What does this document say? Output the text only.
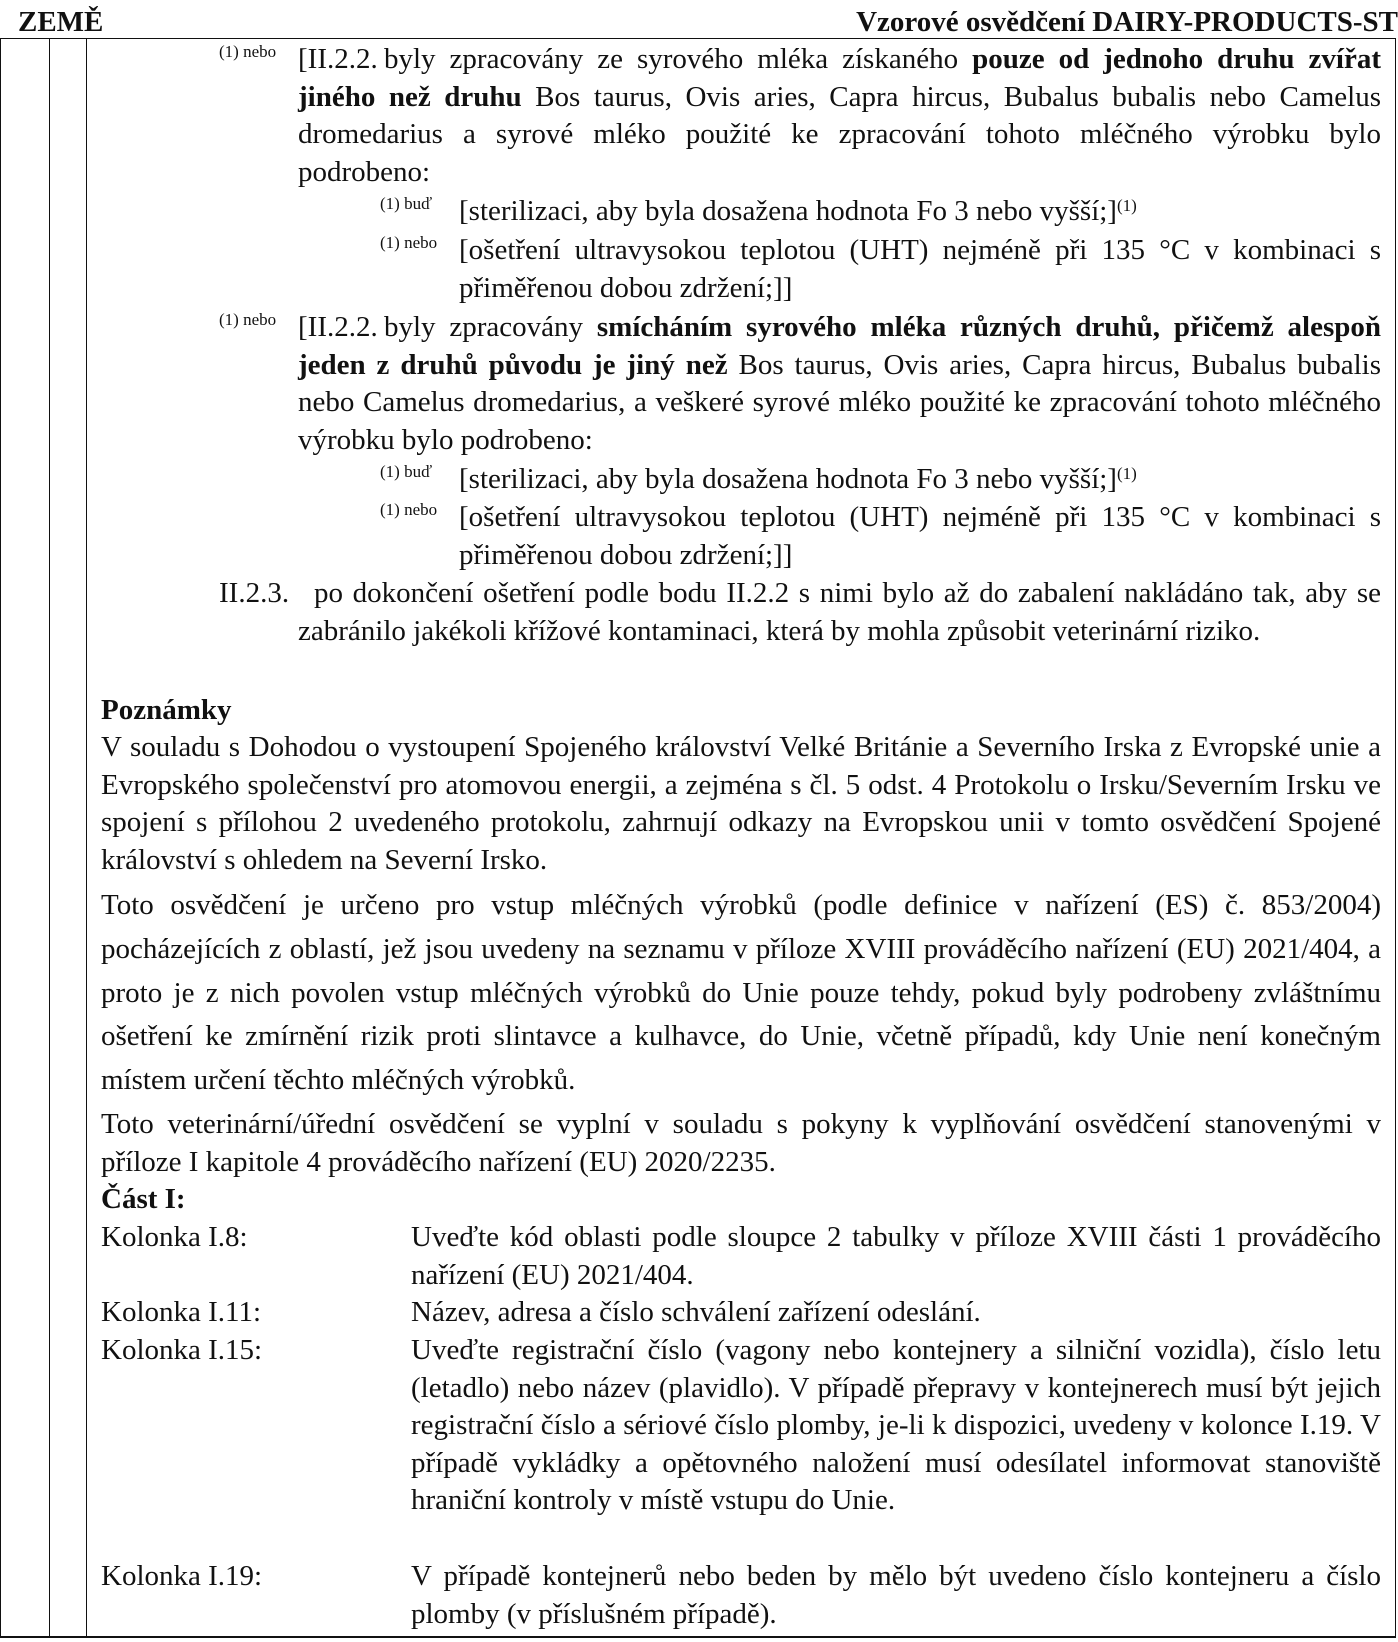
ZEMĚ	Vzorové osvědčení DAIRY-PRODUCTS-ST
(1) nebo [II.2.2. byly zpracovány ze syrového mléka získaného pouze od jednoho druhu zvířat jiného než druhu Bos taurus, Ovis aries, Capra hircus, Bubalus bubalis nebo Camelus dromedarius a syrové mléko použité ke zpracování tohoto mléčného výrobku bylo podrobeno:
(1) buď [sterilizaci, aby byla dosažena hodnota Fo 3 nebo vyšší;]$^{(1)}$
(1) nebo [ošetření ultravysokou teplotou (UHT) nejméně při 135 °C v kombinaci s přiměřenou dobou zdržení;]]
(1) nebo [II.2.2. byly zpracovány smícháním syrového mléka různých druhů, přičemž alespoň jeden z druhů původu je jiný než Bos taurus, Ovis aries, Capra hircus, Bubalus bubalis nebo Camelus dromedarius, a veškeré syrové mléko použité ke zpracování tohoto mléčného výrobku bylo podrobeno:
(1) buď [sterilizaci, aby byla dosažena hodnota Fo 3 nebo vyšší;]$^{(1)}$
(1) nebo [ošetření ultravysokou teplotou (UHT) nejméně při 135 °C v kombinaci s přiměřenou dobou zdržení;]]
II.2.3. po dokončení ošetření podle bodu II.2.2 s nimi bylo až do zabalení nakládáno tak, aby se zabránilo jakékoli křížové kontaminaci, která by mohla způsobit veterinární riziko.
Poznámky
V souladu s Dohodou o vystoupení Spojeného království Velké Británie a Severního Irska z Evropské unie a Evropského společenství pro atomovou energii, a zejména s čl. 5 odst. 4 Protokolu o Irsku/Severním Irsku ve spojení s přílohou 2 uvedeného protokolu, zahrnují odkazy na Evropskou unii v tomto osvědčení Spojené království s ohledem na Severní Irsko.
Toto osvědčení je určeno pro vstup mléčných výrobků (podle definice v nařízení (ES) č. 853/2004) pocházejících z oblastí, jež jsou uvedeny na seznamu v příloze XVIII prováděcího nařízení (EU) 2021/404, a proto je z nich povolen vstup mléčných výrobků do Unie pouze tehdy, pokud byly podrobeny zvláštnímu ošetření ke zmírnění rizik proti slintavce a kulhavce, do Unie, včetně případů, kdy Unie není konečným místem určení těchto mléčných výrobků.
Toto veterinární/úřední osvědčení se vyplní v souladu s pokyny k vyplňování osvědčení stanovenými v příloze I kapitole 4 prováděcího nařízení (EU) 2020/2235.
Část I:
Kolonka I.8:	Uveďte kód oblasti podle sloupce 2 tabulky v příloze XVIII části 1 prováděcího nařízení (EU) 2021/404.
Kolonka I.11:	Název, adresa a číslo schválení zařízení odeslání.
Kolonka I.15:	Uveďte registrační číslo (vagony nebo kontejnery a silniční vozidla), číslo letu (letadlo) nebo název (plavidlo). V případě přepravy v kontejnerech musí být jejich registrační číslo a sériové číslo plomby, je-li k dispozici, uvedeny v kolonce I.19. V případě vykládky a opětovného naložení musí odesílatel informovat stanoviště hraniční kontroly v místě vstupu do Unie.
Kolonka I.19:	V případě kontejnerů nebo beden by mělo být uvedeno číslo kontejneru a číslo plomby (v příslušném případě).
